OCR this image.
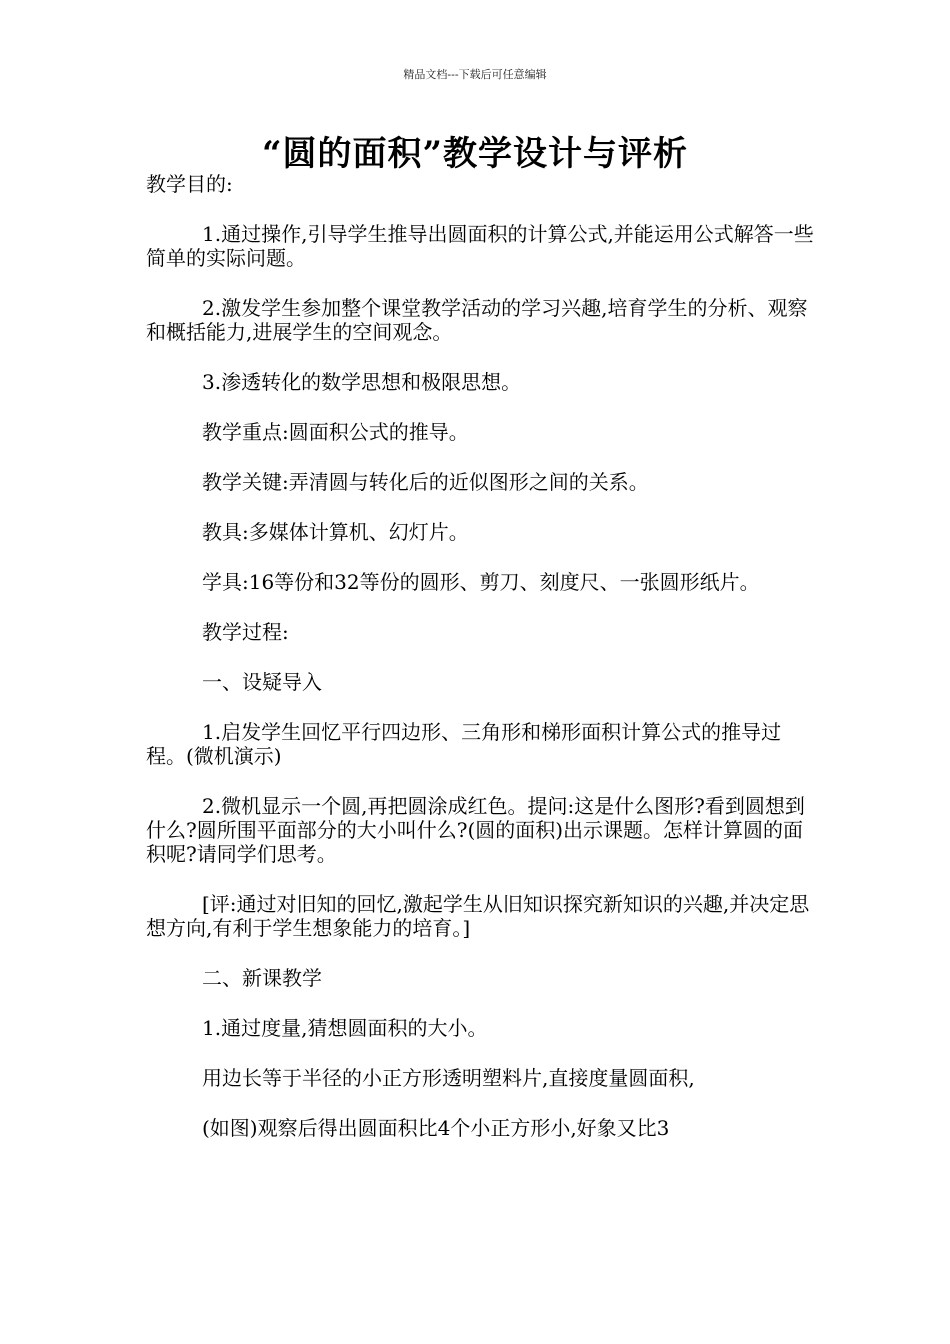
精品文档---下载后可任意编辑
“圆的面积”教学设计与评析

教学目的:

1.通过操作,引导学生推导出圆面积的计算公式,并能运用公式解答一些简单的实际问题。

2.激发学生参加整个课堂教学活动的学习兴趣,培育学生的分析、观察和概括能力,进展学生的空间观念。

3.渗透转化的数学思想和极限思想。

教学重点:圆面积公式的推导。

教学关键:弄清圆与转化后的近似图形之间的关系。

教具:多媒体计算机、幻灯片。

学具:16等份和32等份的圆形、剪刀、刻度尺、一张圆形纸片。

教学过程:

一、设疑导入

1.启发学生回忆平行四边形、三角形和梯形面积计算公式的推导过程。(微机演示)

2.微机显示一个圆,再把圆涂成红色。提问:这是什么图形?看到圆想到什么?圆所围平面部分的大小叫什么?(圆的面积)出示课题。怎样计算圆的面积呢?请同学们思考。

[评:通过对旧知的回忆,激起学生从旧知识探究新知识的兴趣,并决定思想方向,有利于学生想象能力的培育。]

二、新课教学

1.通过度量,猜想圆面积的大小。

用边长等于半径的小正方形透明塑料片,直接度量圆面积,

(如图)观察后得出圆面积比4个小正方形小,好象又比3
